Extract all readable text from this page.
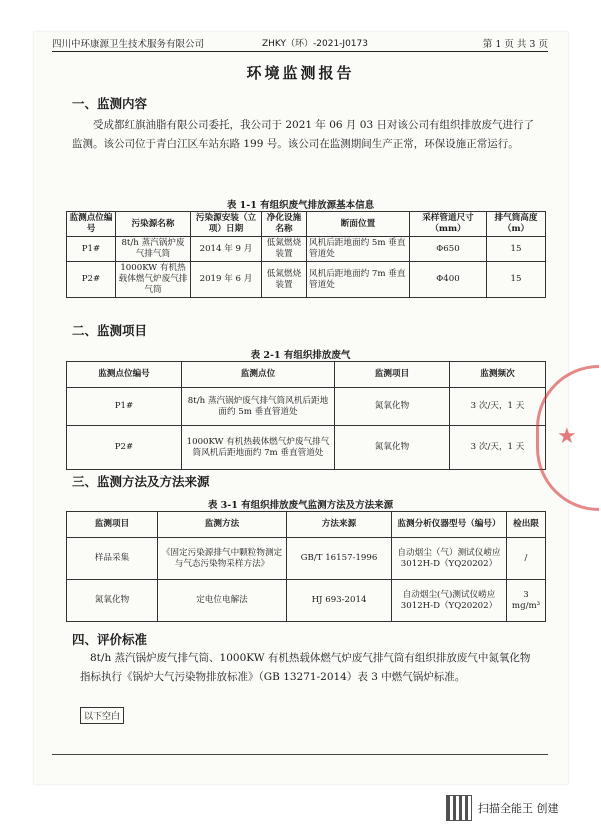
四川中环康源卫生技术服务有限公司	ZHKY（环）-2021-J0173	第 1 页 共 3 页
环境监测报告
一、监测内容
受成都红旗油脂有限公司委托，我公司于 2021 年 06 月 03 日对该公司有组织排放废气进行了监测。该公司位于青白江区车站东路 199 号。该公司在监测期间生产正常，环保设施正常运行。
表 1-1 有组织废气排放源基本信息
监测点位编号	污染源名称	污染源安装（立项）日期	净化设施名称	断面位置	采样管道尺寸（mm）	排气筒高度（m）
P1#	8t/h 蒸汽锅炉废气排气筒	2014 年 9 月	低氮燃烧装置	风机后距地面约 5m 垂直管道处	Φ650	15
P2#	1000KW 有机热载体燃气炉废气排气筒	2019 年 6 月	低氮燃烧装置	风机后距地面约 7m 垂直管道处	Φ400	15
二、监测项目
表 2-1 有组织排放废气
监测点位编号	监测点位	监测项目	监测频次
P1#	8t/h 蒸汽锅炉废气排气筒风机后距地面约 5m 垂直管道处	氮氧化物	3 次/天，1 天
P2#	1000KW 有机热载体燃气炉废气排气筒风机后距地面约 7m 垂直管道处	氮氧化物	3 次/天，1 天
三、监测方法及方法来源
表 3-1 有组织排放废气监测方法及方法来源
监测项目	监测方法	方法来源	监测分析仪器型号（编号）	检出限
样品采集	《固定污染源排气中颗粒物测定与气态污染物采样方法》	GB/T 16157-1996	自动烟尘（气）测试仪崂应 3012H-D（YQ20202）	/
氮氧化物	定电位电解法	HJ 693-2014	自动烟尘(气)测试仪崂应 3012H-D（YQ20202）	3 mg/m³
四、评价标准
8t/h 蒸汽锅炉废气排气筒、1000KW 有机热载体燃气炉废气排气筒有组织排放废气中氮氧化物指标执行《锅炉大气污染物排放标准》（GB 13271-2014）表 3 中燃气锅炉标准。
以下空白
★
扫描全能王 创建
